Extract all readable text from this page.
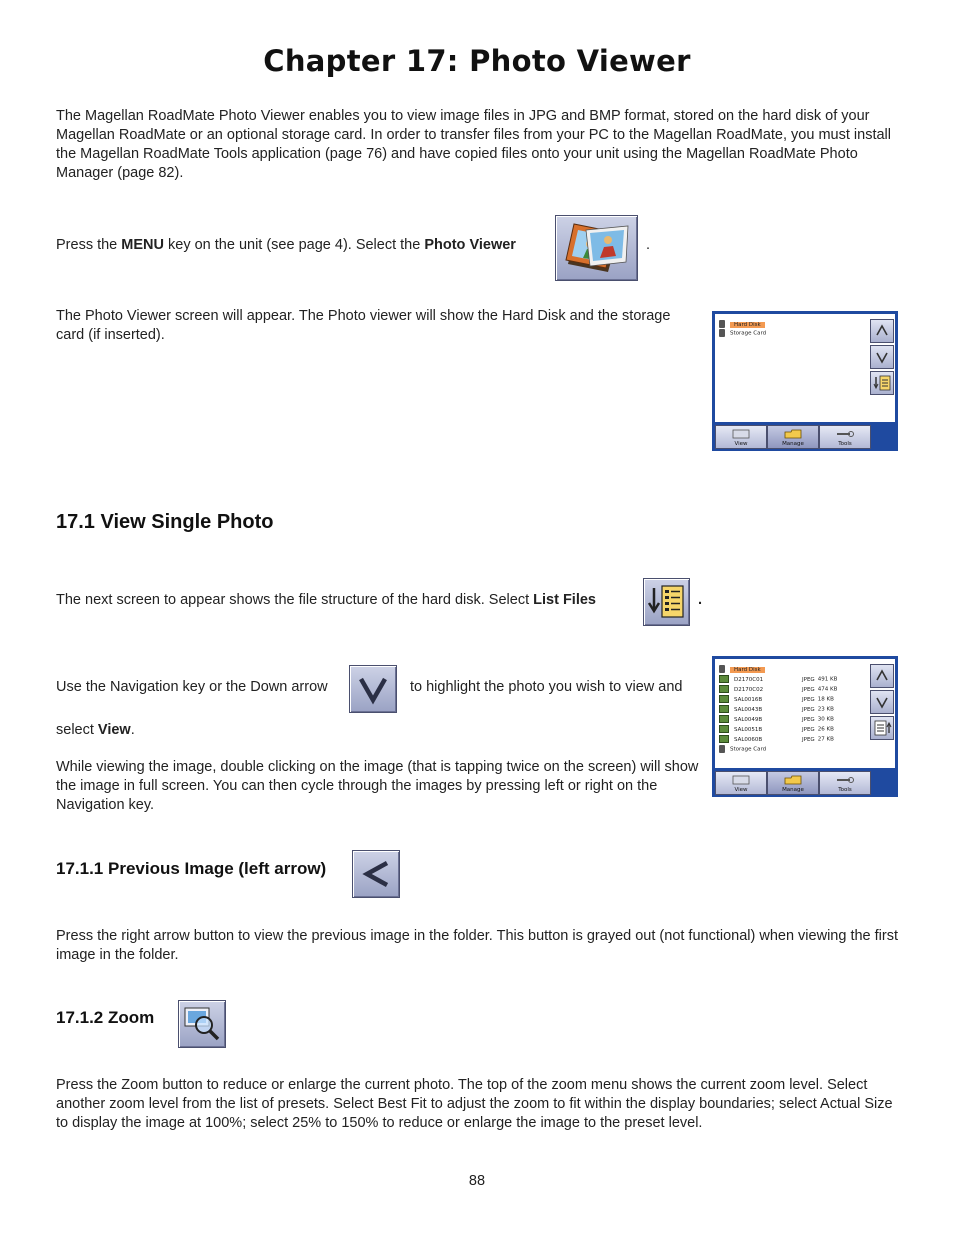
Chapter 17: Photo Viewer
The Magellan RoadMate Photo Viewer enables you to view image files in JPG and BMP format, stored on the hard disk of your Magellan RoadMate or an optional storage card. In order to transfer files from your PC to the Magellan RoadMate, you must install the Magellan RoadMate Tools application (page 76) and have copied files onto your unit using the Magellan RoadMate Photo Manager (page 82).
Press the MENU key on the unit (see page 4). Select the Photo Viewer	.
The Photo Viewer screen will appear. The Photo viewer will show the Hard Disk and the storage card (if inserted).
Hard Disk
Storage Card
View	Manage	Tools
17.1 View Single Photo
The next screen to appear shows the file structure of the hard disk. Select List Files	.
Use the Navigation key or the Down arrow	to highlight the photo you wish to view and
select View.
While viewing the image, double clicking on the image (that is tapping twice on the screen) will show the image in full screen. You can then cycle through the images by pressing left or right on the Navigation key.
Hard Disk
D2170C01	JPEG 491 KB
D2170C02	JPEG 474 KB
SAL0016B	JPEG 18 KB
SAL0043B	JPEG 23 KB
SAL0049B	JPEG 30 KB
SAL0051B	JPEG 26 KB
SAL0060B	JPEG 27 KB
Storage Card
View	Manage	Tools
17.1.1 Previous Image (left arrow)
Press the right arrow button to view the previous image in the folder. This button is grayed out (not functional) when viewing the first image in the folder.
17.1.2 Zoom
Press the Zoom button to reduce or enlarge the current photo. The top of the zoom menu shows the current zoom level. Select another zoom level from the list of presets. Select Best Fit to adjust the zoom to fit within the display boundaries; select Actual Size to display the image at 100%; select 25% to 150% to reduce or enlarge the image to the preset level.
88
